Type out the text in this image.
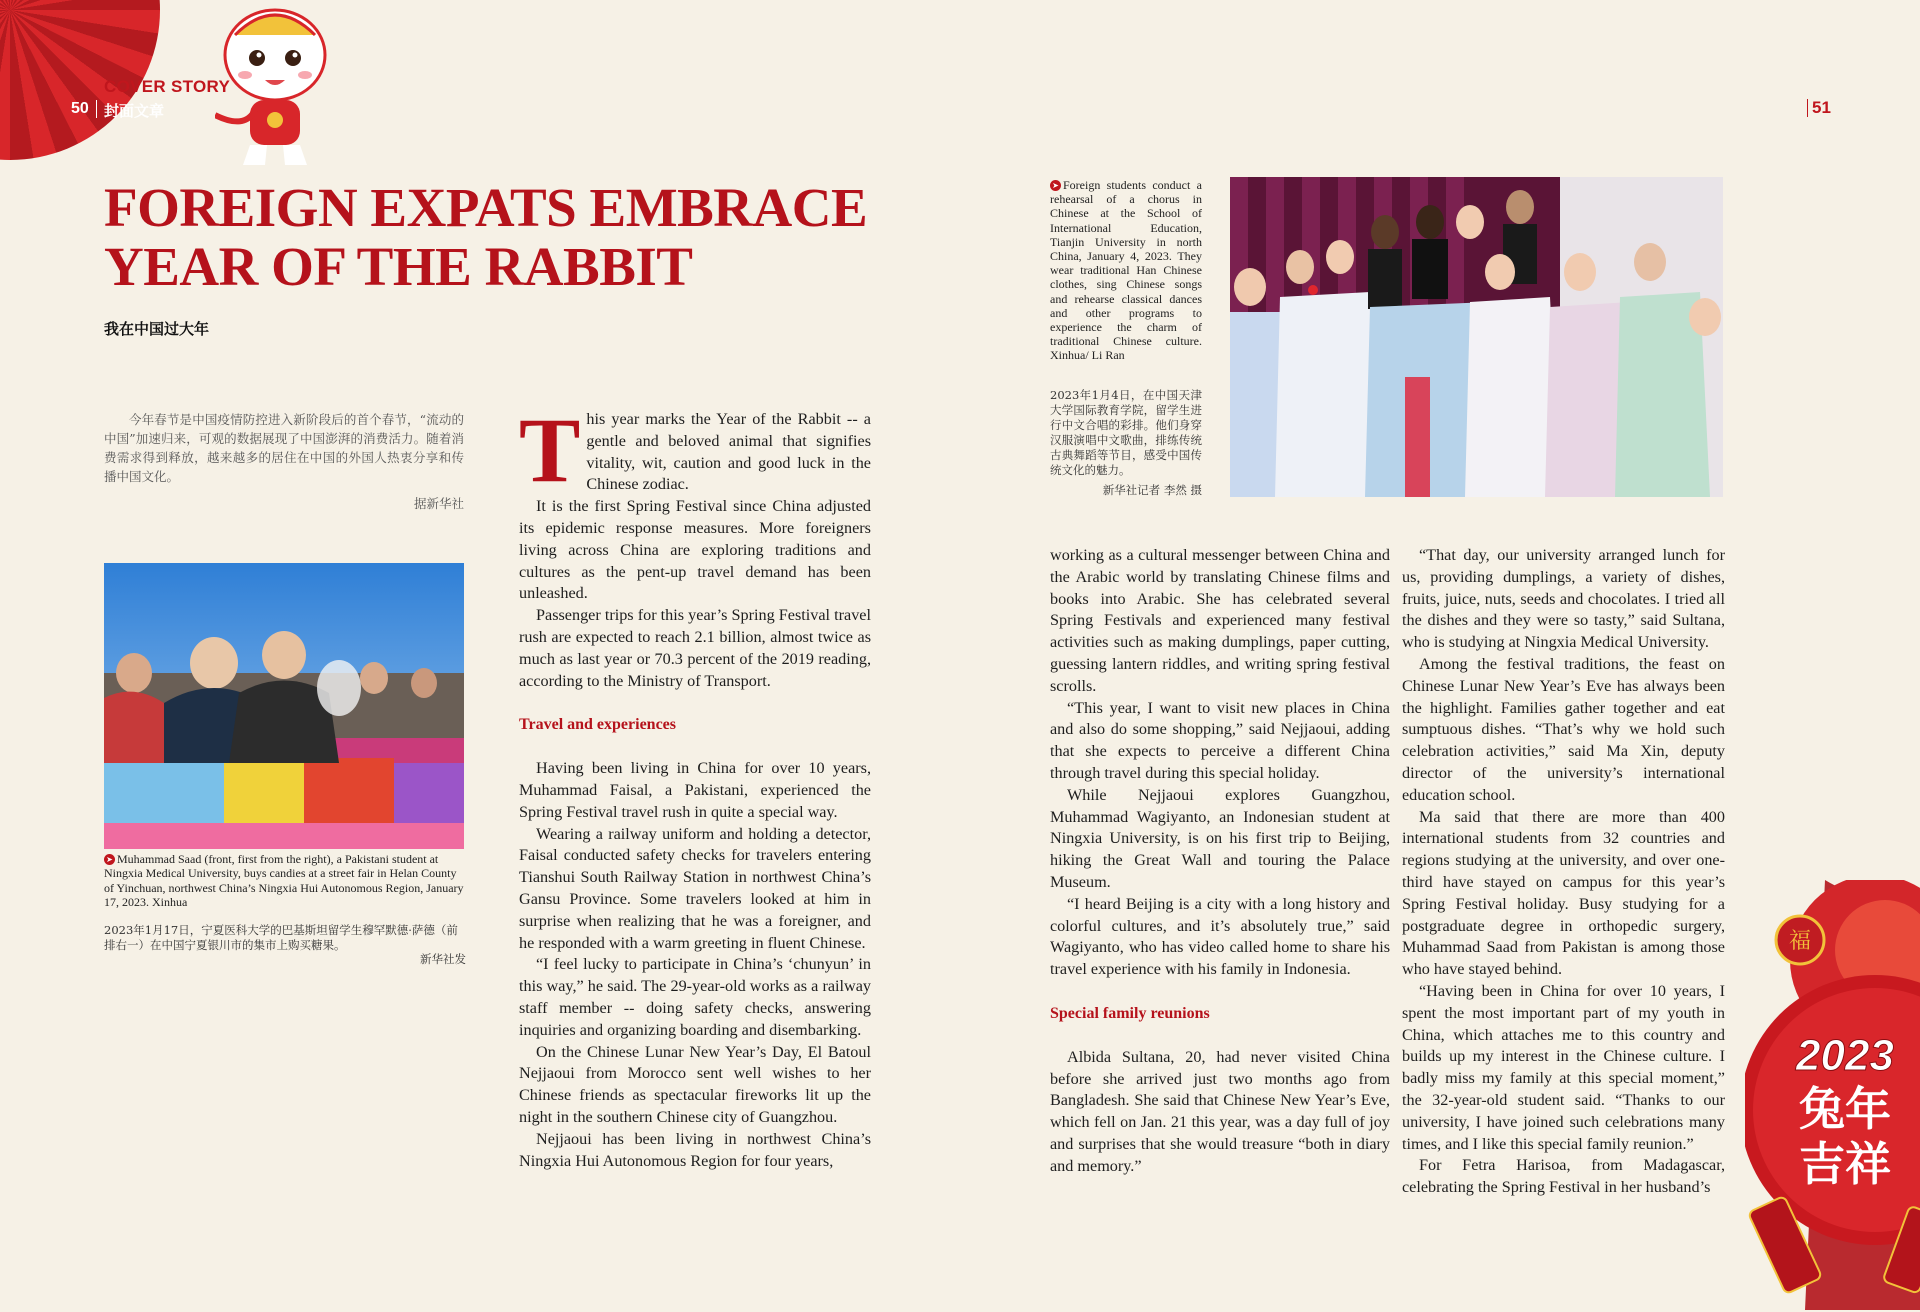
COVER STORY
50 封面文章	51
FOREIGN EXPATS EMBRACE
YEAR OF THE RABBIT
我在中国过大年
今年春节是中国疫情防控进入新阶段后的首个春节，“流动的中国”加速归来，可观的数据展现了中国澎湃的消费活力。随着消费需求得到释放，越来越多的居住在中国的外国人热衷分享和传播中国文化。
据新华社
➤ Muhammad Saad (front, first from the right), a Pakistani student at Ningxia Medical University, buys candies at a street fair in Helan County of Yinchuan, northwest China’s Ningxia Hui Autonomous Region, January 17, 2023. Xinhua
2023年1月17日，宁夏医科大学的巴基斯坦留学生穆罕默德·萨德（前排右一）在中国宁夏银川市的集市上购买糖果。
新华社发
T his year marks the Year of the Rabbit -- a gentle and beloved animal that signifies vitality, wit, caution and good luck in the Chinese zodiac.

It is the first Spring Festival since China adjusted its epidemic response measures. More foreigners living across China are exploring traditions and cultures as the pent-up travel demand has been unleashed.

Passenger trips for this year’s Spring Festival travel rush are expected to reach 2.1 billion, almost twice as much as last year or 70.3 percent of the 2019 reading, according to the Ministry of Transport.

Travel and experiences

Having been living in China for over 10 years, Muhammad Faisal, a Pakistani, experienced the Spring Festival travel rush in quite a special way.

Wearing a railway uniform and holding a detector, Faisal conducted safety checks for travelers entering Tianshui South Railway Station in northwest China’s Gansu Province. Some travelers looked at him in surprise when realizing that he was a foreigner, and he responded with a warm greeting in fluent Chinese.

“I feel lucky to participate in China’s ‘chunyun’ in this way,” he said. The 29-year-old works as a railway staff member -- doing safety checks, answering inquiries and organizing boarding and disembarking.

On the Chinese Lunar New Year’s Day, El Batoul Nejjaoui from Morocco sent well wishes to her Chinese friends as spectacular fireworks lit up the night in the southern Chinese city of Guangzhou.

Nejjaoui has been living in northwest China’s Ningxia Hui Autonomous Region for four years,

➤ Foreign students conduct a rehearsal of a chorus in Chinese at the School of International Education, Tianjin University in north China, January 4, 2023. They wear traditional Han Chinese clothes, sing Chinese songs and rehearse classical dances and other programs to experience the charm of traditional Chinese culture. Xinhua/ Li Ran
2023年1月4日，在中国天津大学国际教育学院，留学生进行中文合唱的彩排。他们身穿汉服演唱中文歌曲，排练传统古典舞蹈等节目，感受中国传统文化的魅力。
新华社记者 李然 摄

working as a cultural messenger between China and the Arabic world by translating Chinese films and books into Arabic. She has celebrated several Spring Festivals and experienced many festival activities such as making dumplings, paper cutting, guessing lantern riddles, and writing spring festival scrolls.

“This year, I want to visit new places in China and also do some shopping,” said Nejjaoui, adding that she expects to perceive a different China through travel during this special holiday.

While Nejjaoui explores Guangzhou, Muhammad Wagiyanto, an Indonesian student at Ningxia University, is on his first trip to Beijing, hiking the Great Wall and touring the Palace Museum.

“I heard Beijing is a city with a long history and colorful cultures, and it’s absolutely true,” said Wagiyanto, who has video called home to share his travel experience with his family in Indonesia.

Special family reunions

Albida Sultana, 20, had never visited China before she arrived just two months ago from Bangladesh. She said that Chinese New Year’s Eve, which fell on Jan. 21 this year, was a day full of joy and surprises that she would treasure “both in diary and memory.”

“That day, our university arranged lunch for us, providing dumplings, a variety of dishes, fruits, juice, nuts, seeds and chocolates. I tried all the dishes and they were so tasty,” said Sultana, who is studying at Ningxia Medical University.

Among the festival traditions, the feast on Chinese Lunar New Year’s Eve has always been the highlight. Families gather together and eat sumptuous dishes. “That’s why we hold such celebration activities,” said Ma Xin, deputy director of the university’s international education school.

Ma said that there are more than 400 international students from 32 countries and regions studying at the university, and over one-third have stayed on campus for this year’s Spring Festival holiday. Busy studying for a postgraduate degree in orthopedic surgery, Muhammad Saad from Pakistan is among those who have stayed behind.

“Having been in China for over 10 years, I spent the most important part of my youth in China, which attaches me to this country and builds up my interest in the Chinese culture. I badly miss my family at this special moment,” the 32-year-old student said. “Thanks to our university, I have joined such celebrations many times, and I like this special family reunion.”

For Fetra Harisoa, from Madagascar, celebrating the Spring Festival in her husband’s

福
2023
兔年
吉祥
